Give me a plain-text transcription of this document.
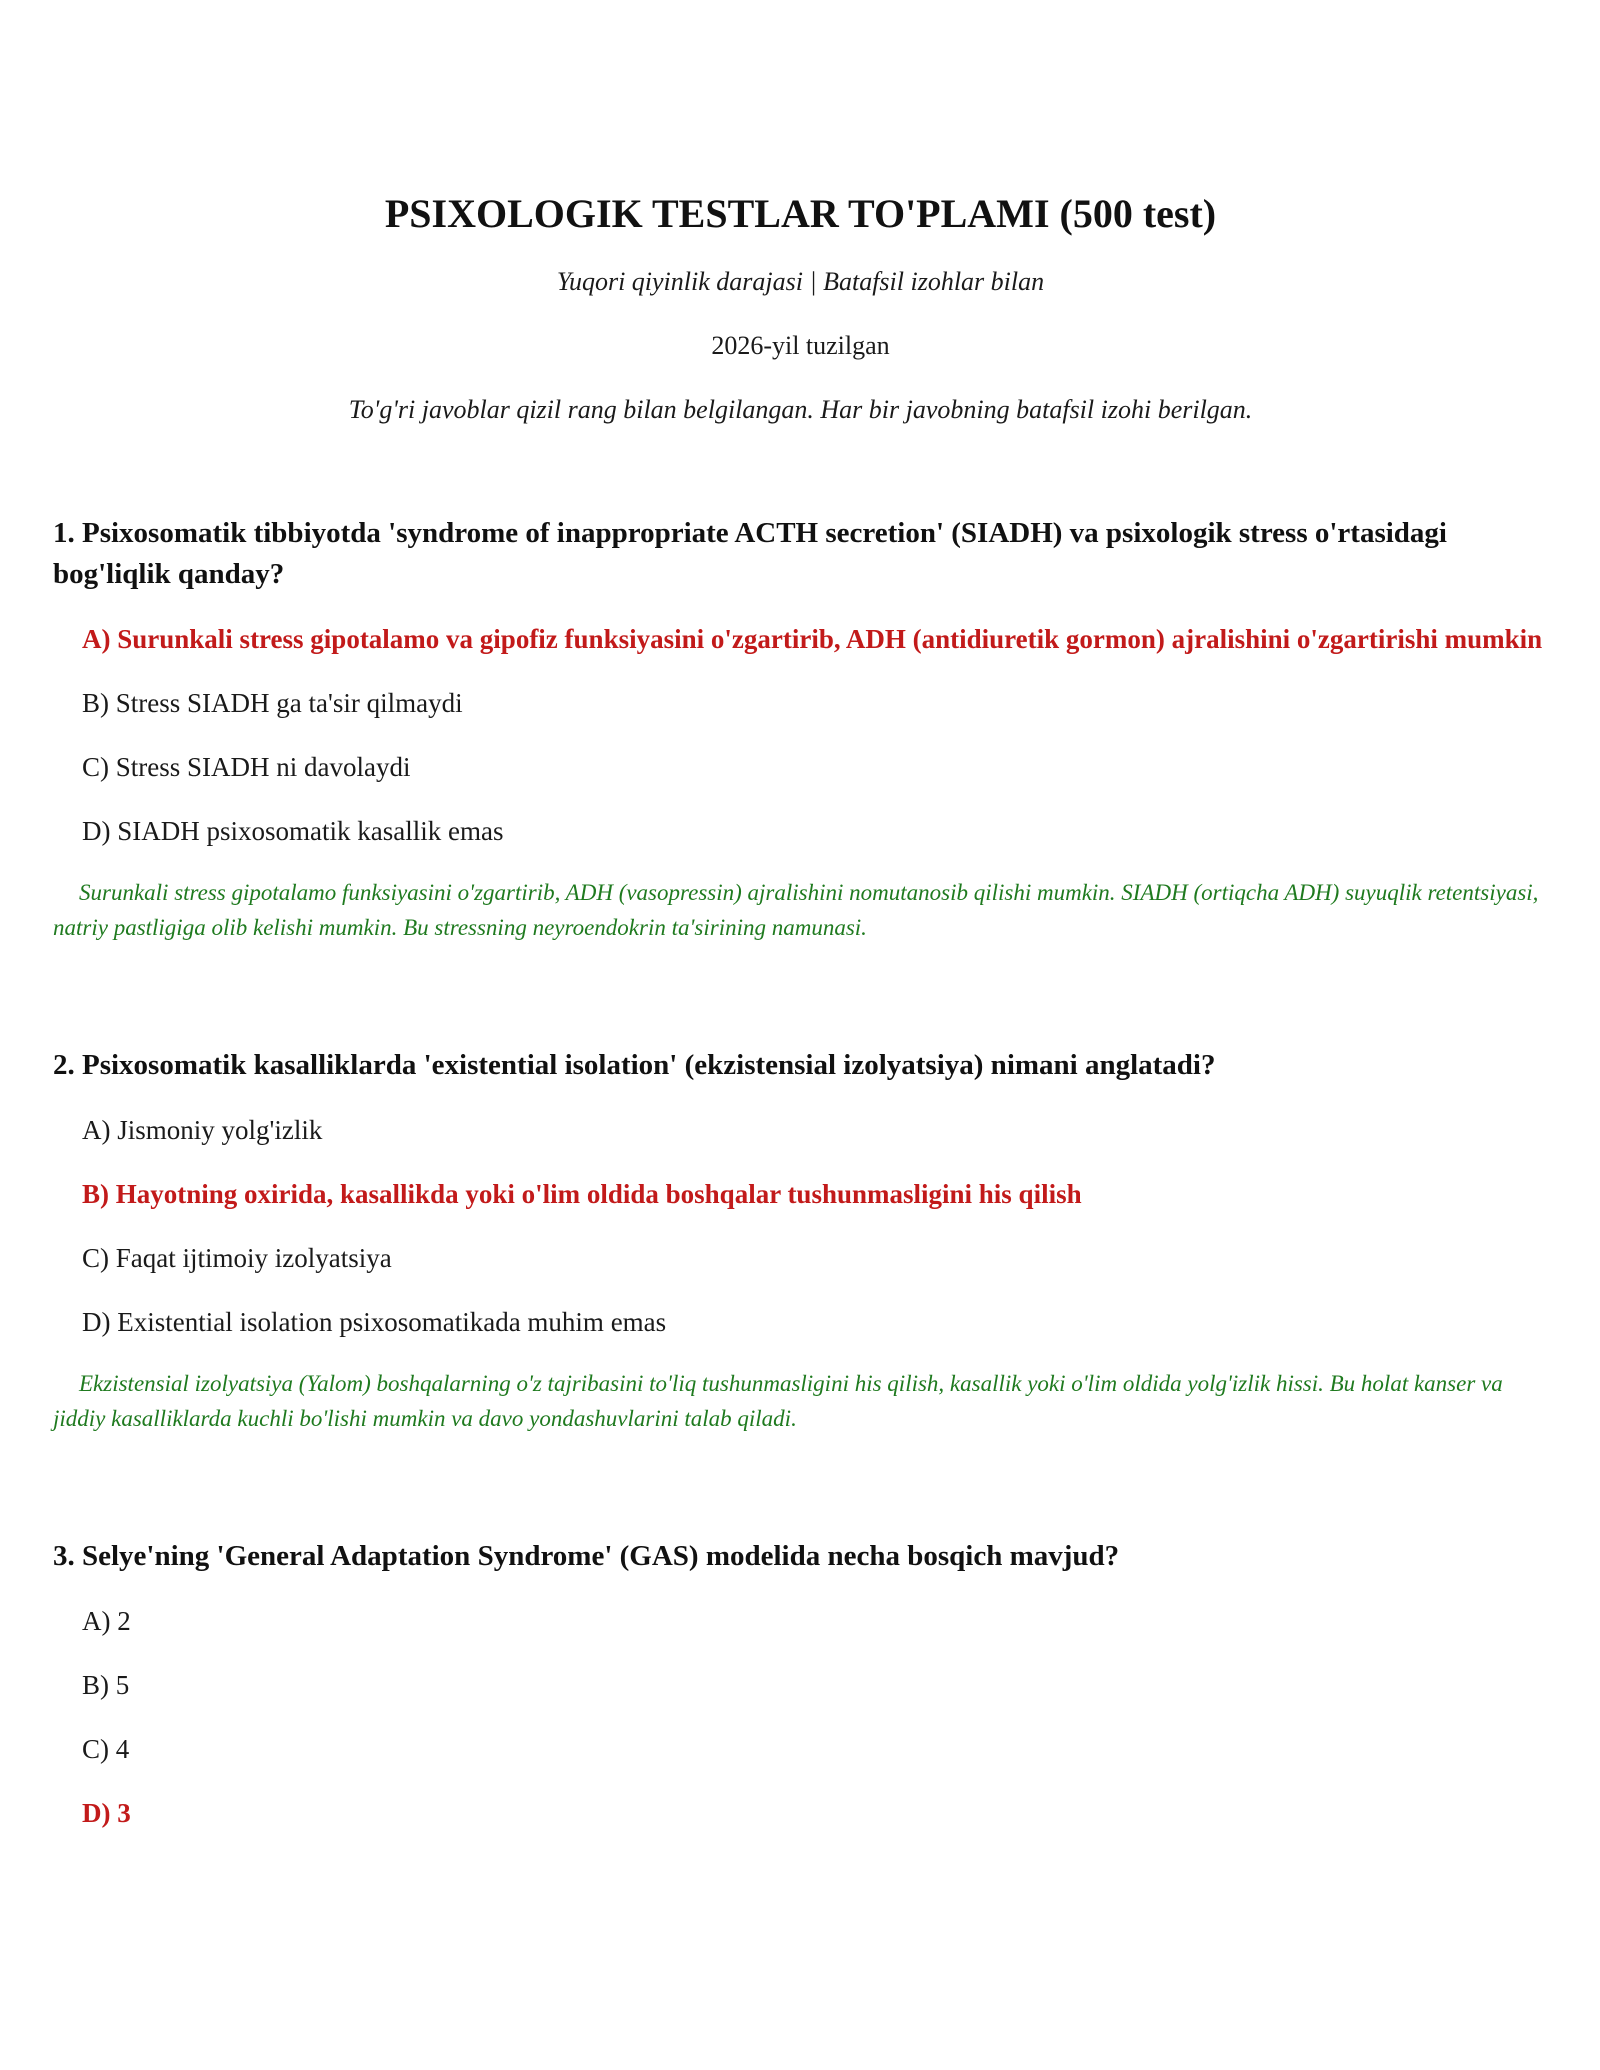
PSIXOLOGIK TESTLAR TO'PLAMI (500 test)

Yuqori qiyinlik darajasi | Batafsil izohlar bilan

2026-yil tuzilgan

To'g'ri javoblar qizil rang bilan belgilangan. Har bir javobning batafsil izohi berilgan.

1. Psixosomatik tibbiyotda 'syndrome of inappropriate ACTH secretion' (SIADH) va psixologik stress o'rtasidagi bog'liqlik qanday?

A) Surunkali stress gipotalamo va gipofiz funksiyasini o'zgartirib, ADH (antidiuretik gormon) ajralishini o'zgartirishi mumkin

B) Stress SIADH ga ta'sir qilmaydi

C) Stress SIADH ni davolaydi

D) SIADH psixosomatik kasallik emas

Surunkali stress gipotalamo funksiyasini o'zgartirib, ADH (vasopressin) ajralishini nomutanosib qilishi mumkin. SIADH (ortiqcha ADH) suyuqlik retentsiyasi, natriy pastligiga olib kelishi mumkin. Bu stressning neyroendokrin ta'sirining namunasi.

2. Psixosomatik kasalliklarda 'existential isolation' (ekzistensial izolyatsiya) nimani anglatadi?

A) Jismoniy yolg'izlik

B) Hayotning oxirida, kasallikda yoki o'lim oldida boshqalar tushunmasligini his qilish

C) Faqat ijtimoiy izolyatsiya

D) Existential isolation psixosomatikada muhim emas

Ekzistensial izolyatsiya (Yalom) boshqalarning o'z tajribasini to'liq tushunmasligini his qilish, kasallik yoki o'lim oldida yolg'izlik hissi. Bu holat kanser va jiddiy kasalliklarda kuchli bo'lishi mumkin va davo yondashuvlarini talab qiladi.

3. Selye'ning 'General Adaptation Syndrome' (GAS) modelida necha bosqich mavjud?

A) 2

B) 5

C) 4

D) 3
